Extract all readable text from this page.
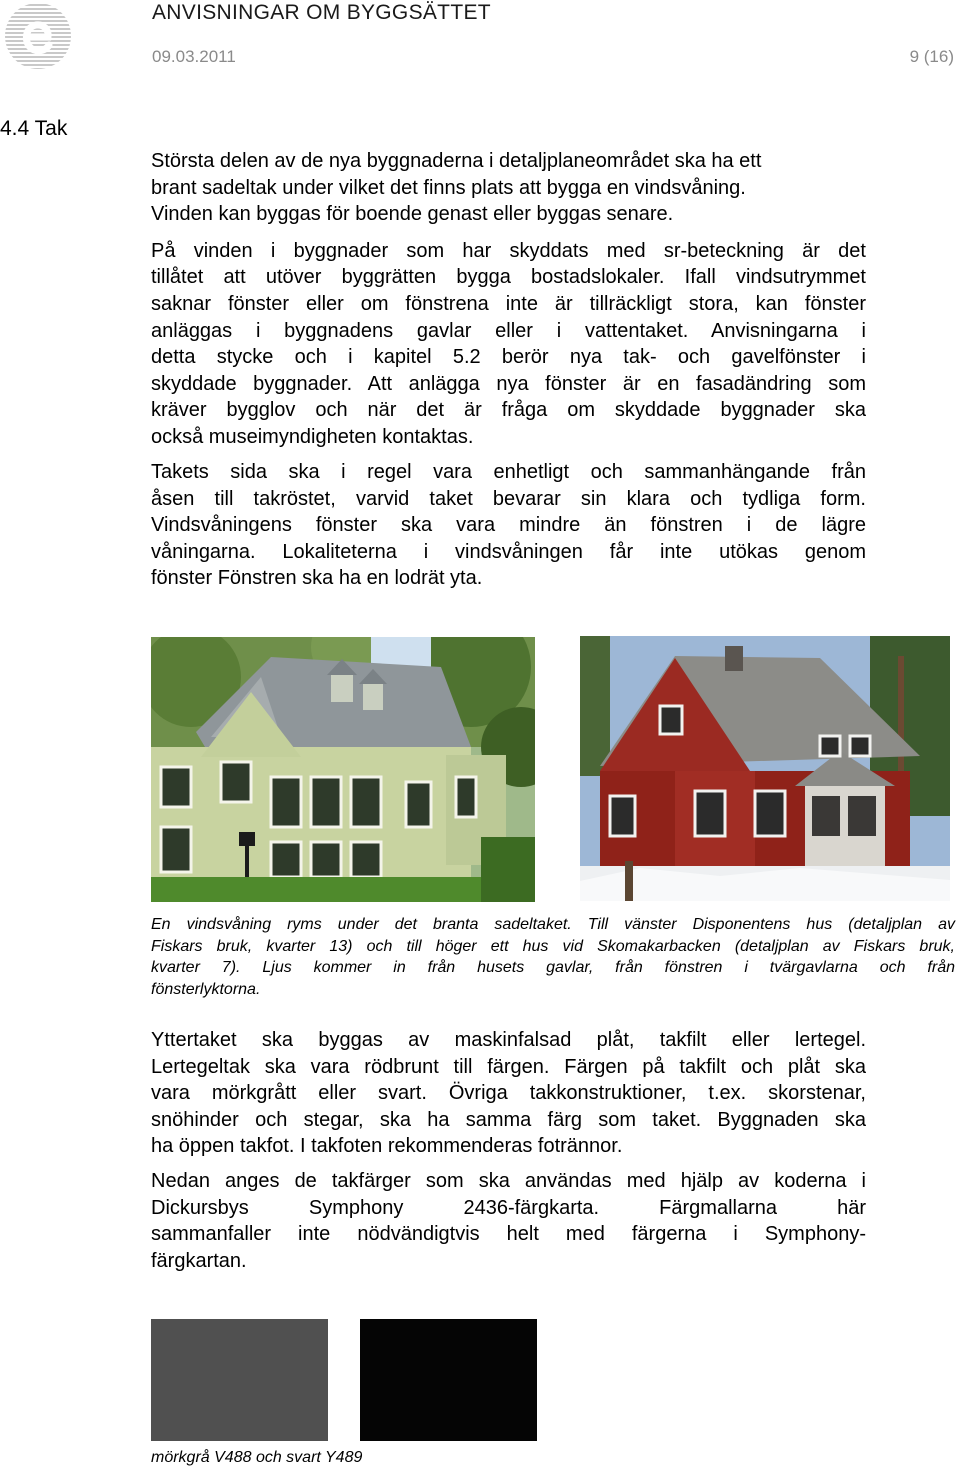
ANVISNINGAR OM BYGGSÄTTET
09.03.2011	9 (16)
4.4 Tak

Största delen av de nya byggnaderna i detaljplaneområdet ska ha ett
brant sadeltak under vilket det finns plats att bygga en vindsvåning.
Vinden kan byggas för boende genast eller byggas senare.
På vinden i byggnader som har skyddats med sr-beteckning är det
tillåtet att utöver byggrätten bygga bostadslokaler. Ifall vindsutrymmet
saknar fönster eller om fönstrena inte är tillräckligt stora, kan fönster
anläggas i byggnadens gavlar eller i vattentaket. Anvisningarna i
detta stycke och i kapitel 5.2 berör nya tak- och gavelfönster i
skyddade byggnader. Att anlägga nya fönster är en fasadändring som
kräver bygglov och när det är fråga om skyddade byggnader ska
också museimyndigheten kontaktas.

Takets sida ska i regel vara enhetligt och sammanhängande från
åsen till takröstet, varvid taket bevarar sin klara och tydliga form.
Vindsvåningens fönster ska vara mindre än fönstren i de lägre
våningarna. Lokaliteterna i vindsvåningen får inte utökas genom
fönster Fönstren ska ha en lodrät yta.

En vindsvåning ryms under det branta sadeltaket. Till vänster Disponentens hus (detaljplan av
Fiskars bruk, kvarter 13) och till höger ett hus vid Skomakarbacken (detaljplan av Fiskars bruk,
kvarter 7). Ljus kommer in från husets gavlar, från fönstren i tvärgavlarna och från
fönsterlyktorna.

Yttertaket ska byggas av maskinfalsad plåt, takfilt eller lertegel.
Lertegeltak ska vara rödbrunt till färgen. Färgen på takfilt och plåt ska
vara mörkgrått eller svart. Övriga takkonstruktioner, t.ex. skorstenar,
snöhinder och stegar, ska ha samma färg som taket. Byggnaden ska
ha öppen takfot. I takfoten rekommenderas fotrännor.

Nedan anges de takfärger som ska användas med hjälp av koderna i
Dickursbys Symphony 2436-färgkarta. Färgmallarna här
sammanfaller inte nödvändigtvis helt med färgerna i Symphony-
färgkartan.

mörkgrå V488 och svart Y489
